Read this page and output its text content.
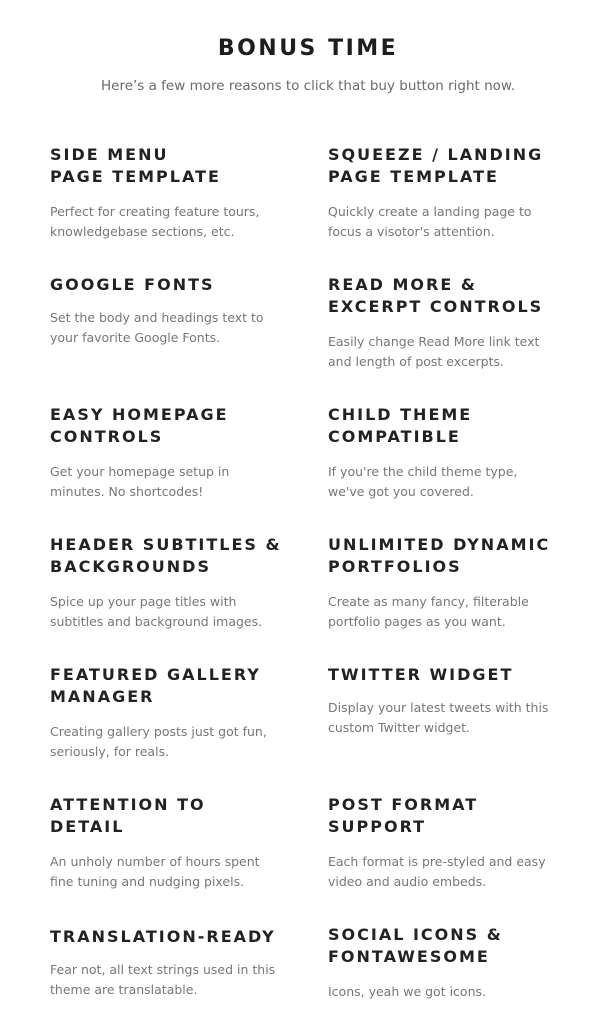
BONUS TIME

Here’s a few more reasons to click that buy button right now.

SIDE MENU
PAGE TEMPLATE

Perfect for creating feature tours,
knowledgebase sections, etc.

SQUEEZE / LANDING
PAGE TEMPLATE

Quickly create a landing page to
focus a visotor's attention.

GOOGLE FONTS

Set the body and headings text to
your favorite Google Fonts.

READ MORE &
EXCERPT CONTROLS

Easily change Read More link text
and length of post excerpts.

EASY HOMEPAGE
CONTROLS

Get your homepage setup in
minutes. No shortcodes!

CHILD THEME
COMPATIBLE

If you're the child theme type,
we've got you covered.

HEADER SUBTITLES &
BACKGROUNDS

Spice up your page titles with
subtitles and background images.

UNLIMITED DYNAMIC
PORTFOLIOS

Create as many fancy, filterable
portfolio pages as you want.

FEATURED GALLERY
MANAGER

Creating gallery posts just got fun,
seriously, for reals.

TWITTER WIDGET

Display your latest tweets with this
custom Twitter widget.

ATTENTION TO
DETAIL

An unholy number of hours spent
fine tuning and nudging pixels.

POST FORMAT
SUPPORT

Each format is pre-styled and easy
video and audio embeds.

TRANSLATION-READY

Fear not, all text strings used in this
theme are translatable.

SOCIAL ICONS &
FONTAWESOME

Icons, yeah we got icons.
